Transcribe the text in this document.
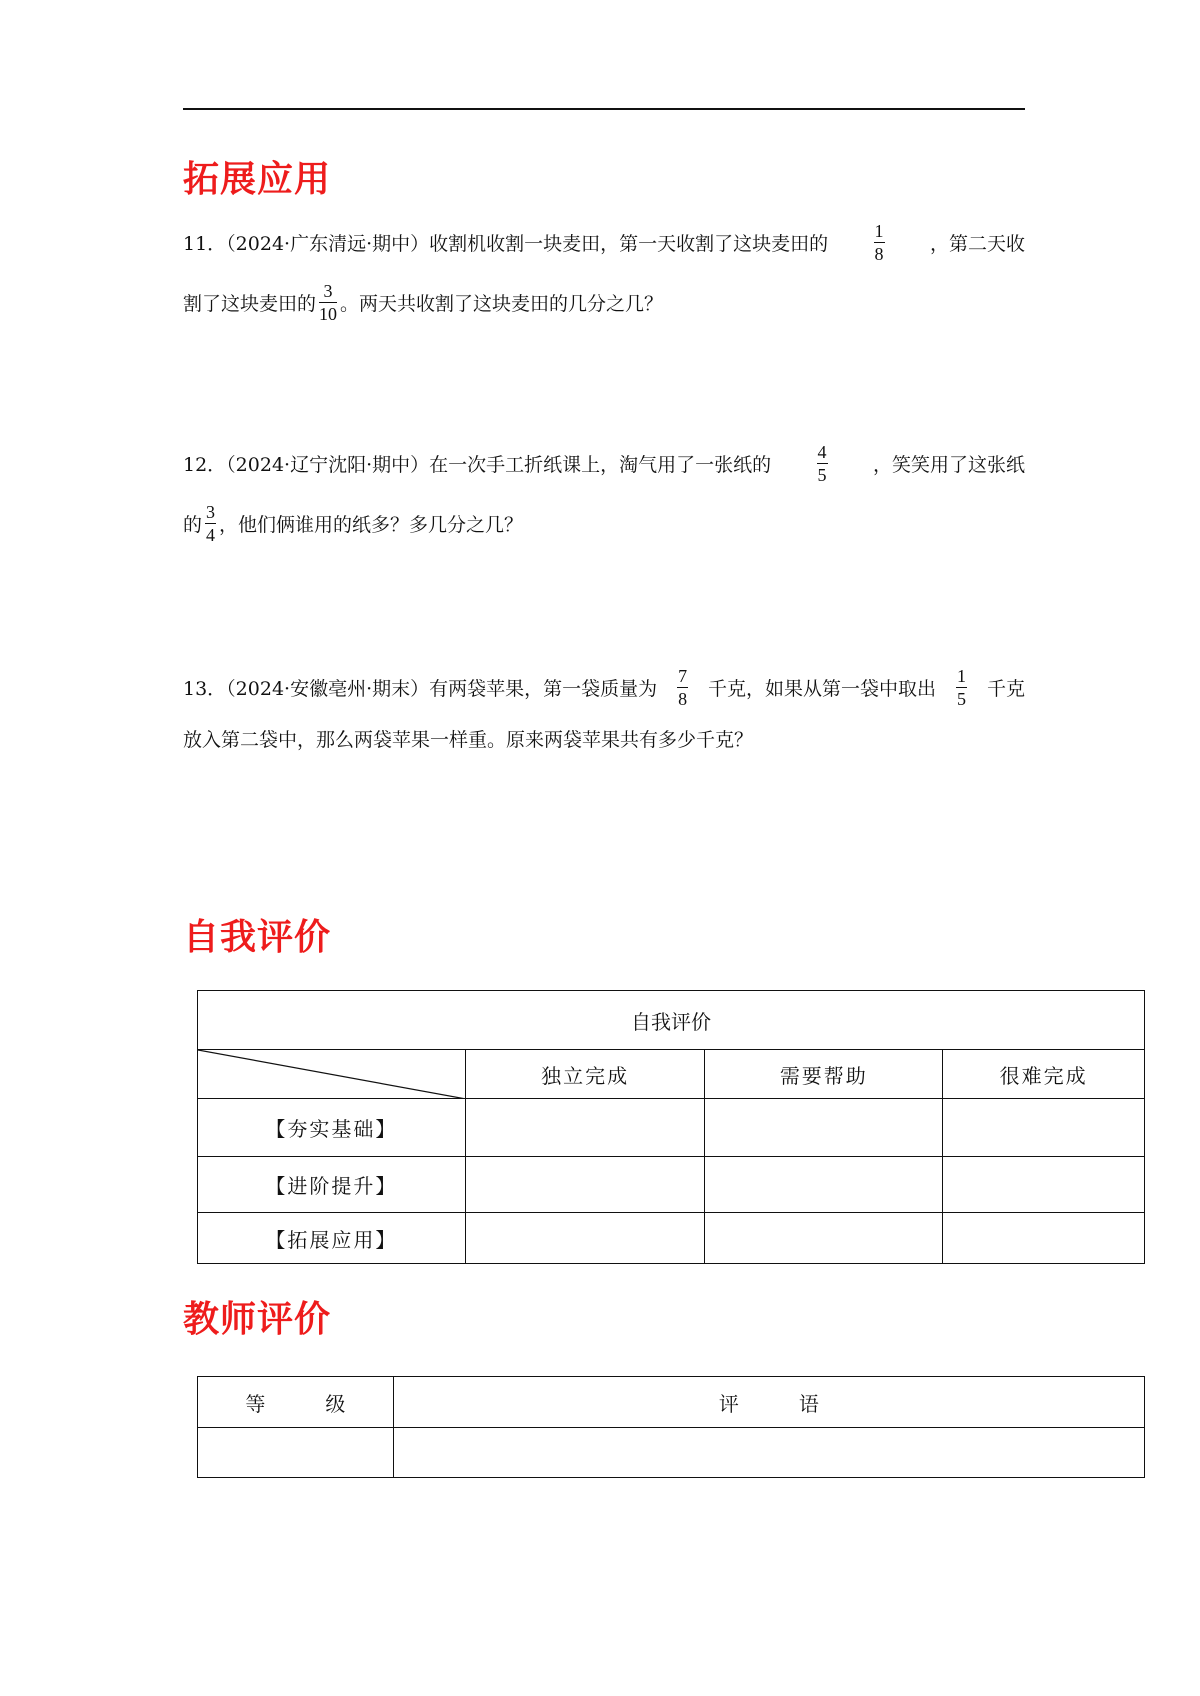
拓展应用
11．（2024·广东清远·期中）收割机收割一块麦田，第一天收割了这块麦田的	$\frac{1}{8}$ ，第二天收
割了这块麦田的 $\frac{3}{10}$ 。两天共收割了这块麦田的几分之几？
12．（2024·辽宁沈阳·期中）在一次手工折纸课上，淘气用了一张纸的	$\frac{4}{5}$ ，笑笑用了这张纸
的 $\frac{3}{4}$ ，他们俩谁用的纸多？多几分之几？
13．（2024·安徽亳州·期末）有两袋苹果，第一袋质量为 $\frac{7}{8}$ 千克，如果从第一袋中取出 $\frac{1}{5}$ 千克
放入第二袋中，那么两袋苹果一样重。原来两袋苹果共有多少千克？
自我评价
自我评价			

	独立完成	需要帮助	很难完成
【夯实基础】			
【进阶提升】			
【拓展应用】			
教师评价
等　　　级	评　　　语
